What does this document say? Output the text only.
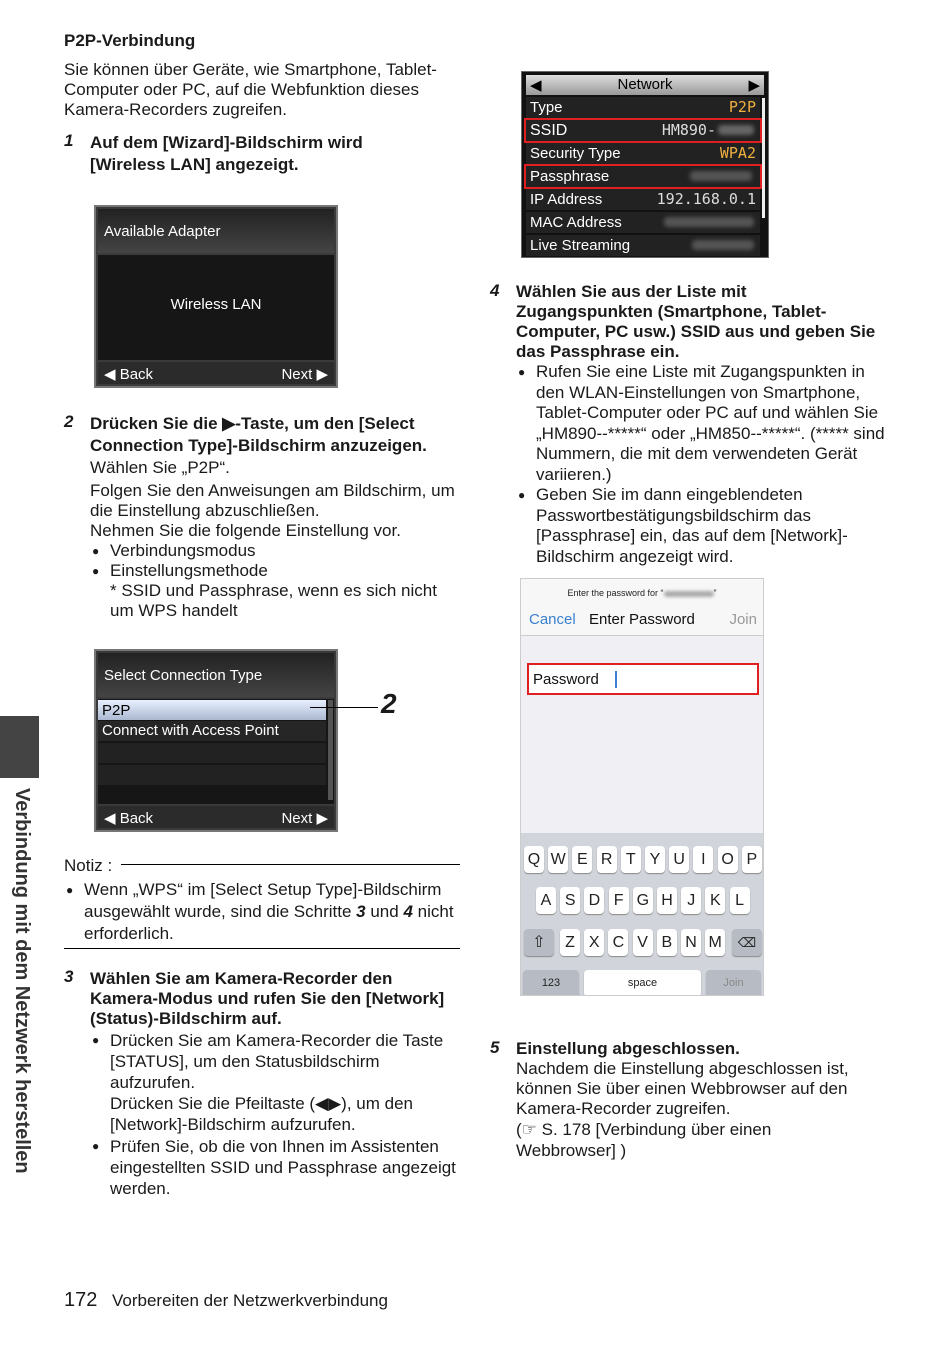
P2P-Verbindung
Sie können über Geräte, wie Smartphone, Tablet-Computer oder PC, auf die Webfunktion dieses Kamera-Recorders zugreifen.
1 Auf dem [Wizard]-Bildschirm wird [Wireless LAN] angezeigt.
Available Adapter
Wireless LAN
◀ Back	Next ▶
2 Drücken Sie die ▶-Taste, um den [Select Connection Type]-Bildschirm anzuzeigen.
Wählen Sie „P2P“.
Folgen Sie den Anweisungen am Bildschirm, um die Einstellung abzuschließen.
Nehmen Sie die folgende Einstellung vor.
● Verbindungsmodus
● Einstellungsmethode
* SSID und Passphrase, wenn es sich nicht um WPS handelt
Select Connection Type
P2P
Connect with Access Point
◀ Back	Next ▶
2
Notiz :
● Wenn „WPS“ im [Select Setup Type]-Bildschirm ausgewählt wurde, sind die Schritte 3 und 4 nicht erforderlich.
3 Wählen Sie am Kamera-Recorder den Kamera-Modus und rufen Sie den [Network] (Status)-Bildschirm auf.
● Drücken Sie am Kamera-Recorder die Taste [STATUS], um den Statusbildschirm aufzurufen.
Drücken Sie die Pfeiltaste (◀▶), um den [Network]-Bildschirm aufzurufen.
● Prüfen Sie, ob die von Ihnen im Assistenten eingestellten SSID und Passphrase angezeigt werden.
◀	Network	▶
Type	P2P
SSID	HM890-
Security Type	WPA2
Passphrase
IP Address	192.168.0.1
MAC Address
Live Streaming
4 Wählen Sie aus der Liste mit Zugangspunkten (Smartphone, Tablet-Computer, PC usw.) SSID aus und geben Sie das Passphrase ein.
● Rufen Sie eine Liste mit Zugangspunkten in den WLAN-Einstellungen von Smartphone, Tablet-Computer oder PC auf und wählen Sie „HM890--*****“ oder „HM850--*****“. (***** sind Nummern, die mit dem verwendeten Gerät variieren.)
● Geben Sie im dann eingeblendeten Passwortbestätigungsbildschirm das [Passphrase] ein, das auf dem [Network]-Bildschirm angezeigt wird.
Enter the password for “	”
Cancel Enter Password Join
Password
Q W E R T Y U	I O P
A S D F G H J K L
Z X C V B N M
123	space	Join
⇧	⌫
5 Einstellung abgeschlossen.
Nachdem die Einstellung abgeschlossen ist, können Sie über einen Webbrowser auf den Kamera-Recorder zugreifen.
(☞ S. 178 [Verbindung über einen Webbrowser] )
Verbindung mit dem Netzwerk herstellen
172 Vorbereiten der Netzwerkverbindung
